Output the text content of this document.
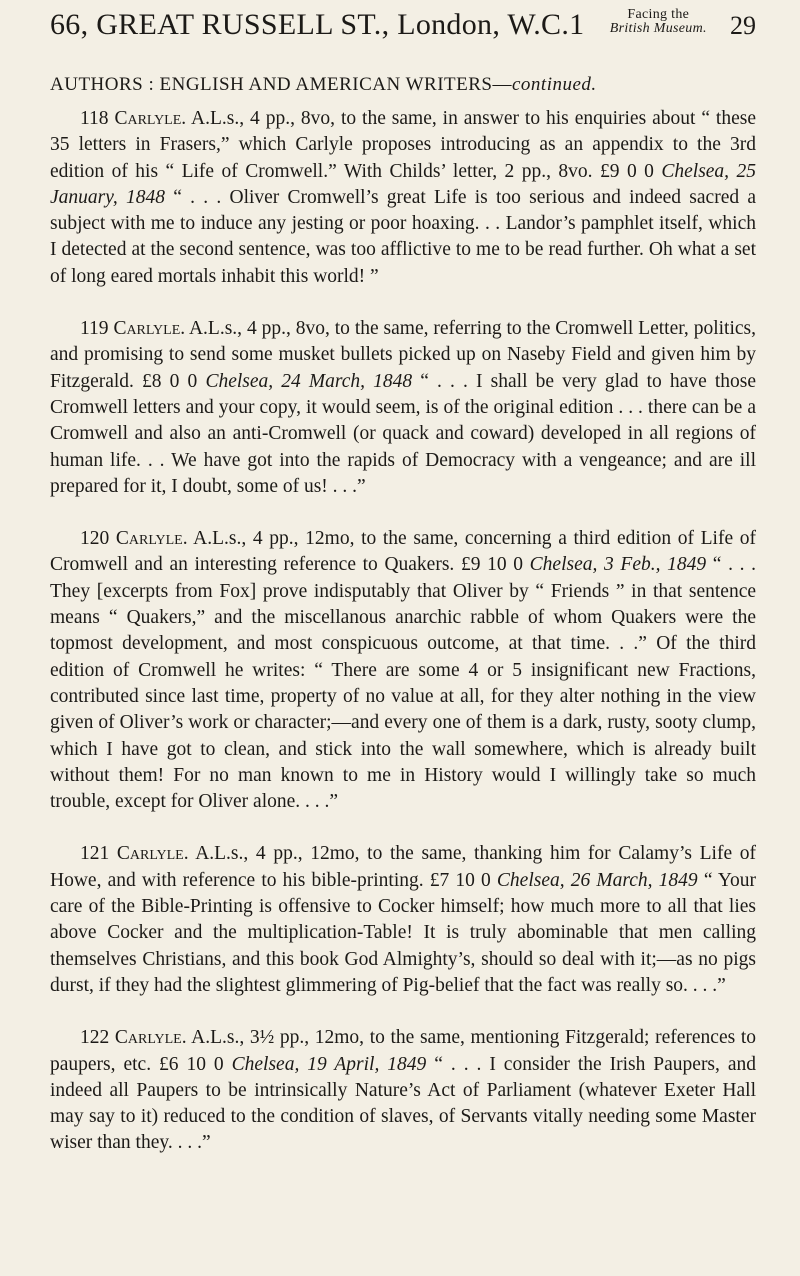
66, GREAT RUSSELL ST., London, W.C.1	Facing the
British Museum. 29
AUTHORS : ENGLISH AND AMERICAN WRITERS—continued.
118 Carlyle. A.L.s., 4 pp., 8vo, to the same, in answer to his enquiries about “ these 35 letters in Frasers,” which Carlyle proposes introducing as an appendix to the 3rd edition of his “ Life of Cromwell.” With Childs’ letter, 2 pp., 8vo. £9 0 0 Chelsea, 25 January, 1848 “ . . . Oliver Cromwell’s great Life is too serious and indeed sacred a subject with me to induce any jesting or poor hoaxing. . . Landor’s pamphlet itself, which I detected at the second sentence, was too afflictive to me to be read further. Oh what a set of long eared mortals inhabit this world! ”
119 Carlyle. A.L.s., 4 pp., 8vo, to the same, referring to the Cromwell Letter, politics, and promising to send some musket bullets picked up on Naseby Field and given him by Fitzgerald. £8 0 0 Chelsea, 24 March, 1848 “ . . . I shall be very glad to have those Cromwell letters and your copy, it would seem, is of the original edition . . . there can be a Cromwell and also an anti-Cromwell (or quack and coward) developed in all regions of human life. . . We have got into the rapids of Democracy with a vengeance; and are ill prepared for it, I doubt, some of us! . . .”
120 Carlyle. A.L.s., 4 pp., 12mo, to the same, concerning a third edition of Life of Cromwell and an interesting reference to Quakers. £9 10 0 Chelsea, 3 Feb., 1849 “ . . . They [excerpts from Fox] prove indisputably that Oliver by “ Friends ” in that sentence means “ Quakers,” and the miscellanous anarchic rabble of whom Quakers were the topmost development, and most conspicuous outcome, at that time. . .” Of the third edition of Cromwell he writes: “ There are some 4 or 5 insignificant new Fractions, contributed since last time, property of no value at all, for they alter nothing in the view given of Oliver’s work or character;—and every one of them is a dark, rusty, sooty clump, which I have got to clean, and stick into the wall somewhere, which is already built without them! For no man known to me in History would I willingly take so much trouble, except for Oliver alone. . . .”
121 Carlyle. A.L.s., 4 pp., 12mo, to the same, thanking him for Calamy’s Life of Howe, and with reference to his bible-printing. £7 10 0 Chelsea, 26 March, 1849 “ Your care of the Bible-Printing is offensive to Cocker himself; how much more to all that lies above Cocker and the multiplication-Table! It is truly abominable that men calling themselves Christians, and this book God Almighty’s, should so deal with it;—as no pigs durst, if they had the slightest glimmering of Pig-belief that the fact was really so. . . .”
122 Carlyle. A.L.s., 3½ pp., 12mo, to the same, mentioning Fitzgerald; references to paupers, etc. £6 10 0 Chelsea, 19 April, 1849 “ . . . I consider the Irish Paupers, and indeed all Paupers to be intrinsically Nature’s Act of Parliament (whatever Exeter Hall may say to it) reduced to the condition of slaves, of Servants vitally needing some Master wiser than they. . . .”
